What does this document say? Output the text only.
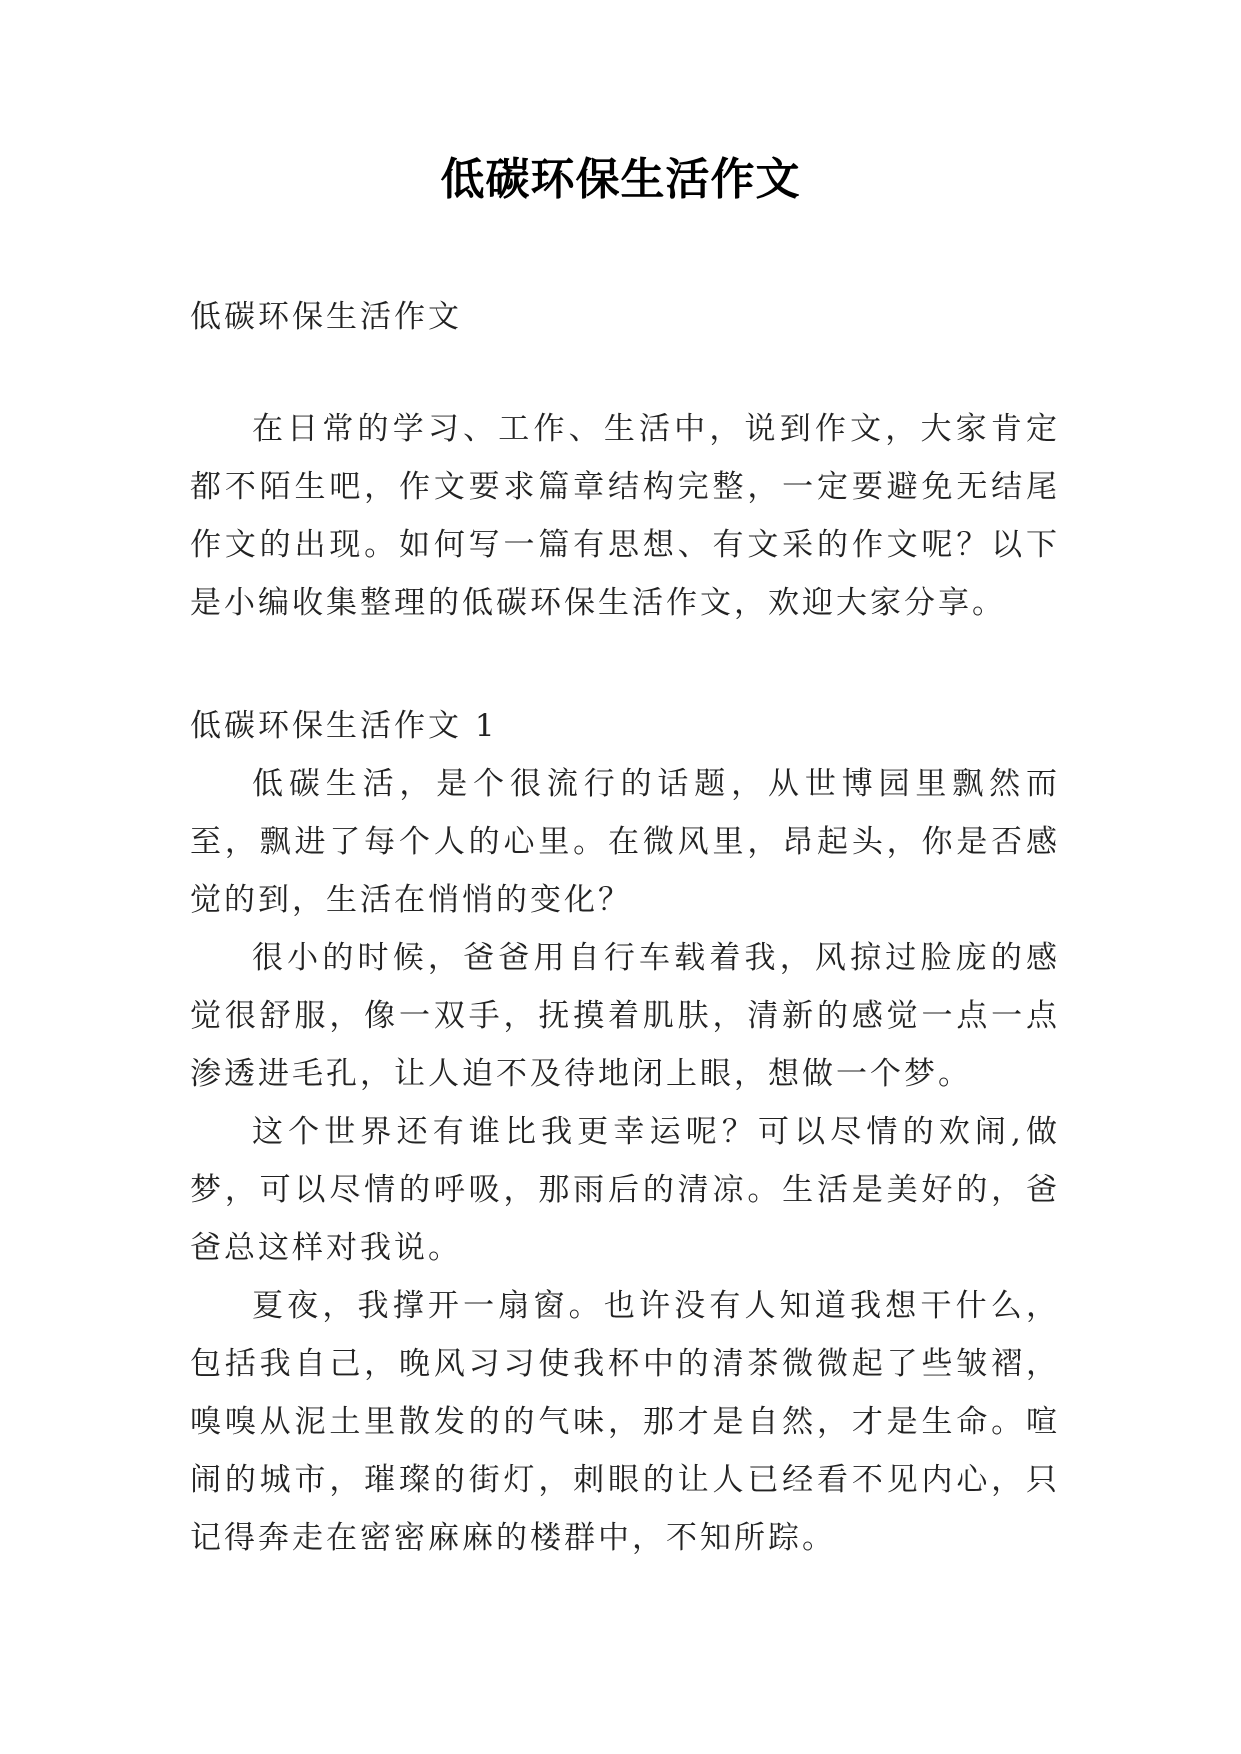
低碳环保生活作文
低碳环保生活作文

在日常的学习、工作、生活中，说到作文，大家肯定都不陌生吧，作文要求篇章结构完整，一定要避免无结尾作文的出现。如何写一篇有思想、有文采的作文呢？以下是小编收集整理的低碳环保生活作文，欢迎大家分享。

低碳环保生活作文 1

低碳生活，是个很流行的话题，从世博园里飘然而至，飘进了每个人的心里。在微风里，昂起头，你是否感觉的到，生活在悄悄的变化？

很小的时候，爸爸用自行车载着我，风掠过脸庞的感觉很舒服，像一双手，抚摸着肌肤，清新的感觉一点一点渗透进毛孔，让人迫不及待地闭上眼，想做一个梦。

这个世界还有谁比我更幸运呢？可以尽情的欢闹,做梦，可以尽情的呼吸，那雨后的清凉。生活是美好的，爸爸总这样对我说。

夏夜，我撑开一扇窗。也许没有人知道我想干什么，包括我自己，晚风习习使我杯中的清茶微微起了些皱褶，嗅嗅从泥土里散发的的气味，那才是自然，才是生命。喧闹的城市，璀璨的街灯，刺眼的让人已经看不见内心，只记得奔走在密密麻麻的楼群中，不知所踪。
